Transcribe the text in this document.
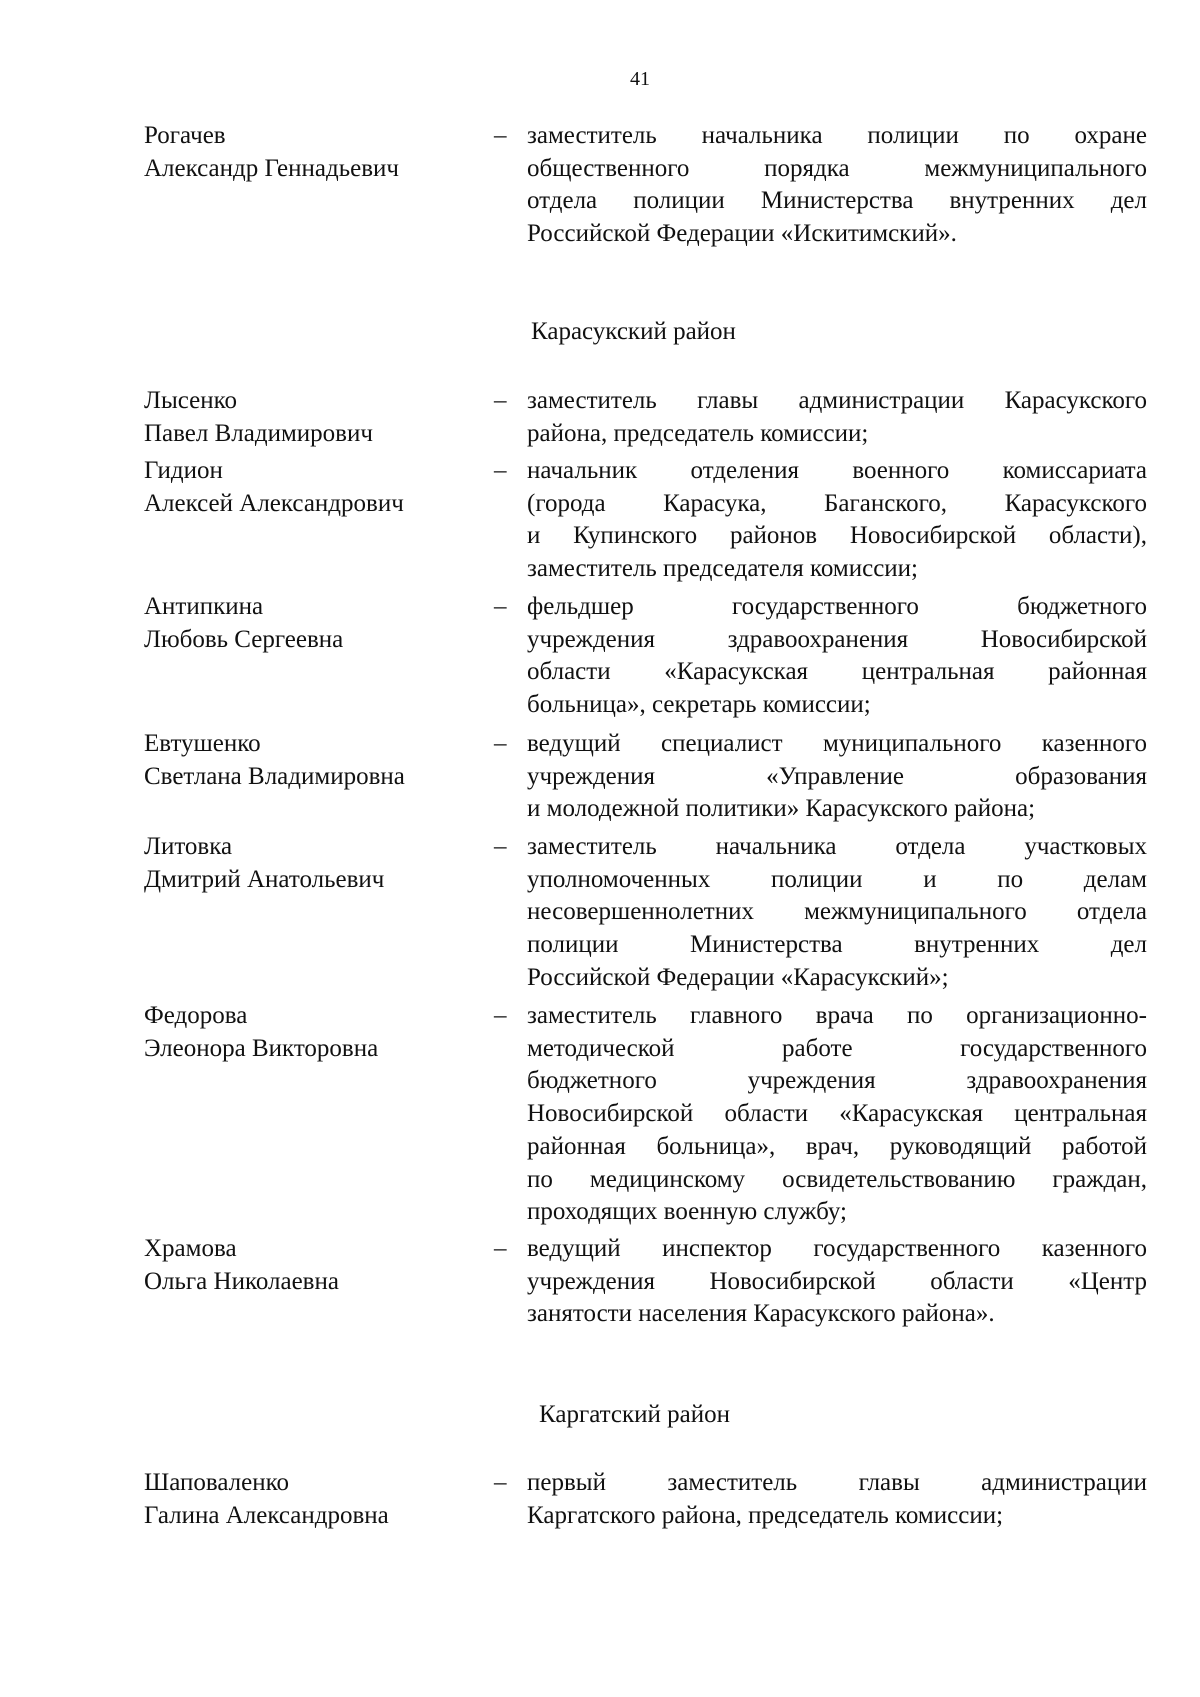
41
Рогачев
Александр Геннадьевич
– заместитель начальника полиции по охране
общественного порядка межмуниципального
отдела полиции Министерства внутренних дел
Российской Федерации «Искитимский».
Карасукский район
Лысенко
Павел Владимирович
– заместитель главы администрации Карасукского
района, председатель комиссии;
Гидион
Алексей Александрович
– начальник отделения военного комиссариата
(города Карасука, Баганского, Карасукского
и Купинского районов Новосибирской области),
заместитель председателя комиссии;
Антипкина
Любовь Сергеевна
– фельдшер государственного бюджетного
учреждения здравоохранения Новосибирской
области «Карасукская центральная районная
больница», секретарь комиссии;
Евтушенко
Светлана Владимировна
– ведущий специалист муниципального казенного
учреждения «Управление образования
и молодежной политики» Карасукского района;
Литовка
Дмитрий Анатольевич
– заместитель начальника отдела участковых
уполномоченных полиции и по делам
несовершеннолетних межмуниципального отдела
полиции Министерства внутренних дел
Российской Федерации «Карасукский»;
Федорова
Элеонора Викторовна
– заместитель главного врача по организационно-
методической работе государственного
бюджетного учреждения здравоохранения
Новосибирской области «Карасукская центральная
районная больница», врач, руководящий работой
по медицинскому освидетельствованию граждан,
проходящих военную службу;
Храмова
Ольга Николаевна
– ведущий инспектор государственного казенного
учреждения Новосибирской области «Центр
занятости населения Карасукского района».
Каргатский район
Шаповаленко
Галина Александровна
– первый заместитель главы администрации
Каргатского района, председатель комиссии;
